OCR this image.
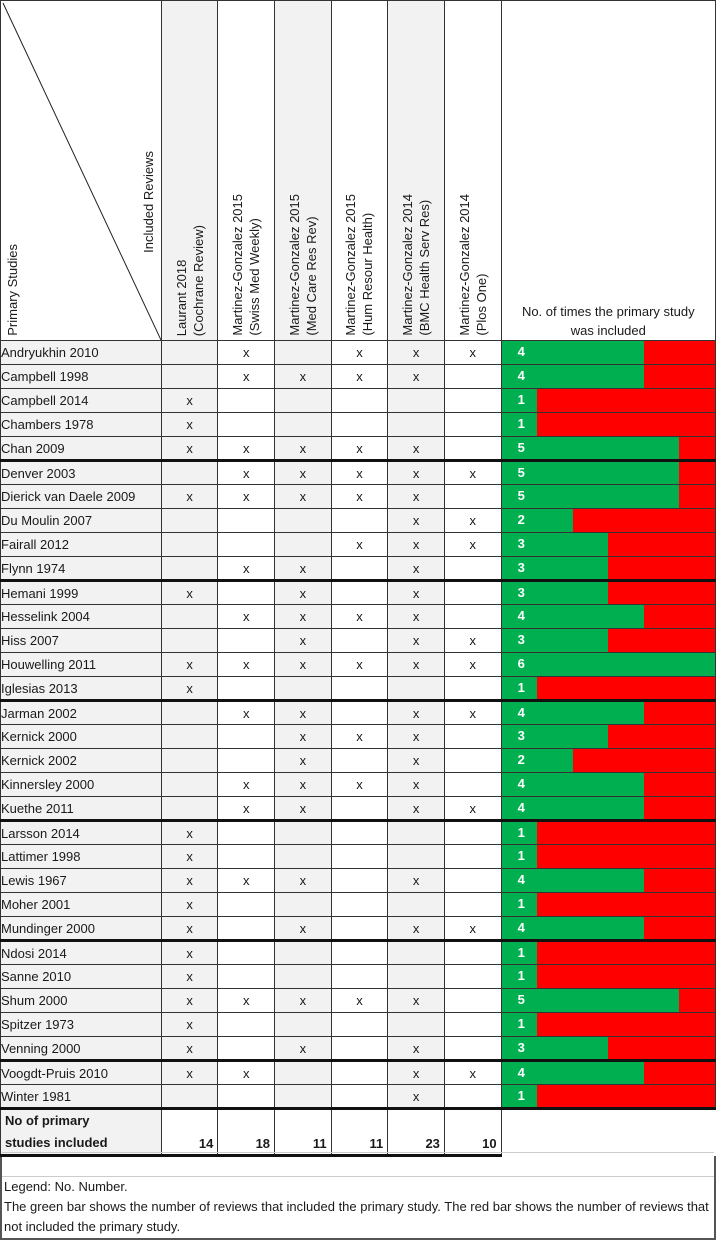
Primary Studies
Included Reviews

Laurant 2018 (Cochrane Review)	Martinez-Gonzalez 2015 (Swiss Med Weekly)	Martinez-Gonzalez 2015 (Med Care Res Rev)	Martinez-Gonzalez 2015 (Hum Resour Health)	Martinez-Gonzalez 2014 (BMC Health Serv Res)	Martinez-Gonzalez 2014 (Plos One)	No. of times the primary study
was included

Andryukhin 2010		x		x	x	x	4

Campbell 1998		x	x	x	x		4

Campbell 2014	x						1

Chambers 1978	x						1

Chan 2009	x	x	x	x	x		5

Denver 2003		x	x	x	x	x	5

Dierick van Daele 2009	x	x	x	x	x		5

Du Moulin 2007					x	x	2

Fairall 2012				x	x	x	3

Flynn 1974		x	x		x		3

Hemani 1999	x		x		x		3

Hesselink 2004		x	x	x	x		4

Hiss 2007			x		x	x	3

Houwelling 2011	x	x	x	x	x	x	6

Iglesias 2013	x						1

Jarman 2002		x	x		x	x	4

Kernick 2000			x	x	x		3

Kernick 2002			x		x		2

Kinnersley 2000		x	x	x	x		4

Kuethe 2011		x	x		x	x	4

Larsson 2014	x						1

Lattimer 1998	x						1

Lewis 1967	x	x	x		x		4

Moher 2001	x						1

Mundinger 2000	x		x		x	x	4

Ndosi 2014	x						1

Sanne 2010	x						1

Shum 2000	x	x	x	x	x		5

Spitzer 1973	x						1

Venning 2000	x		x		x		3

Voogdt-Pruis 2010	x	x			x	x	4

Winter 1981					x		1

No of primary
studies included	14	18	11	11	23	10	

Legend: No. Number.

The green bar shows the number of reviews that included the primary study. The red bar shows the number of reviews that not included the primary study.
